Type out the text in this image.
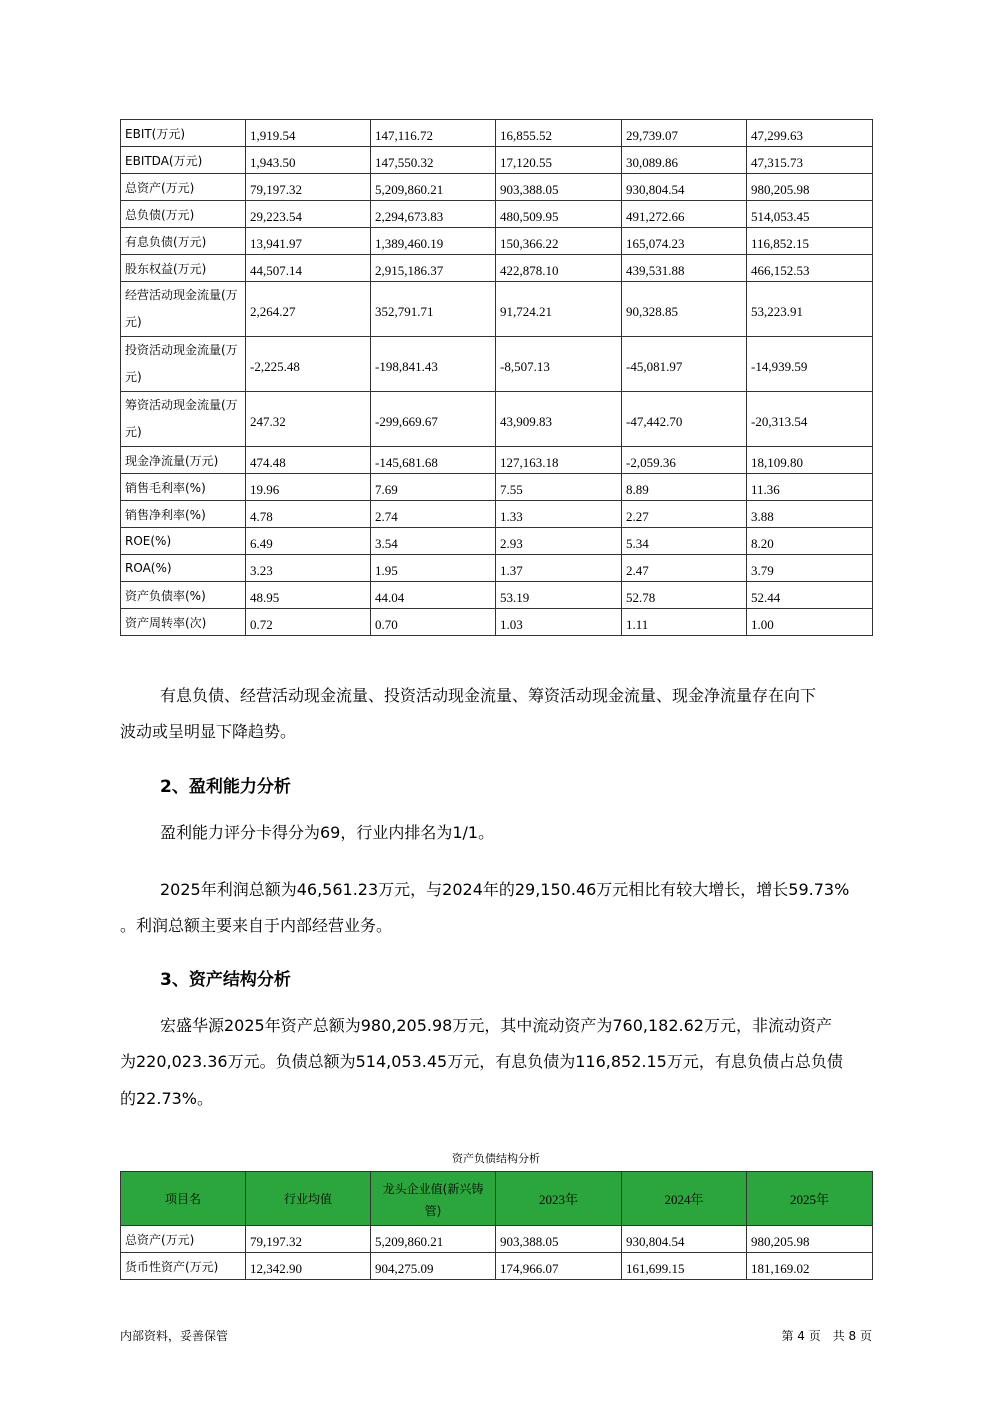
EBIT(万元)	1,919.54	147,116.72	16,855.52	29,739.07	47,299.63
EBITDA(万元)	1,943.50	147,550.32	17,120.55	30,089.86	47,315.73
总资产(万元)	79,197.32	5,209,860.21	903,388.05	930,804.54	980,205.98
总负债(万元)	29,223.54	2,294,673.83	480,509.95	491,272.66	514,053.45
有息负债(万元)	13,941.97	1,389,460.19	150,366.22	165,074.23	116,852.15
股东权益(万元)	44,507.14	2,915,186.37	422,878.10	439,531.88	466,152.53
经营活动现金流量(万元)	2,264.27	352,791.71	91,724.21	90,328.85	53,223.91
投资活动现金流量(万元)	-2,225.48	-198,841.43	-8,507.13	-45,081.97	-14,939.59
筹资活动现金流量(万元)	247.32	-299,669.67	43,909.83	-47,442.70	-20,313.54
现金净流量(万元)	474.48	-145,681.68	127,163.18	-2,059.36	18,109.80
销售毛利率(%)	19.96	7.69	7.55	8.89	11.36
销售净利率(%)	4.78	2.74	1.33	2.27	3.88
ROE(%)	6.49	3.54	2.93	5.34	8.20
ROA(%)	3.23	1.95	1.37	2.47	3.79
资产负债率(%)	48.95	44.04	53.19	52.78	52.44
资产周转率(次)	0.72	0.70	1.03	1.11	1.00

有息负债、经营活动现金流量、投资活动现金流量、筹资活动现金流量、现金净流量存在向下
波动或呈明显下降趋势。

2、盈利能力分析

盈利能力评分卡得分为69，行业内排名为1/1。

2025年利润总额为46,561.23万元，与2024年的29,150.46万元相比有较大增长，增长59.73%

。利润总额主要来自于内部经营业务。

3、资产结构分析

宏盛华源2025年资产总额为980,205.98万元，其中流动资产为760,182.62万元，非流动资产

为220,023.36万元。负债总额为514,053.45万元，有息负债为116,852.15万元，有息负债占总负债

的22.73%。

资产负债结构分析
项目名	行业均值	龙头企业值(新兴铸管)	2023年	2024年	2025年
总资产(万元)	79,197.32	5,209,860.21	903,388.05	930,804.54	980,205.98
货币性资产(万元)	12,342.90	904,275.09	174,966.07	161,699.15	181,169.02
内部资料，妥善保管	第 4 页　共 8 页
